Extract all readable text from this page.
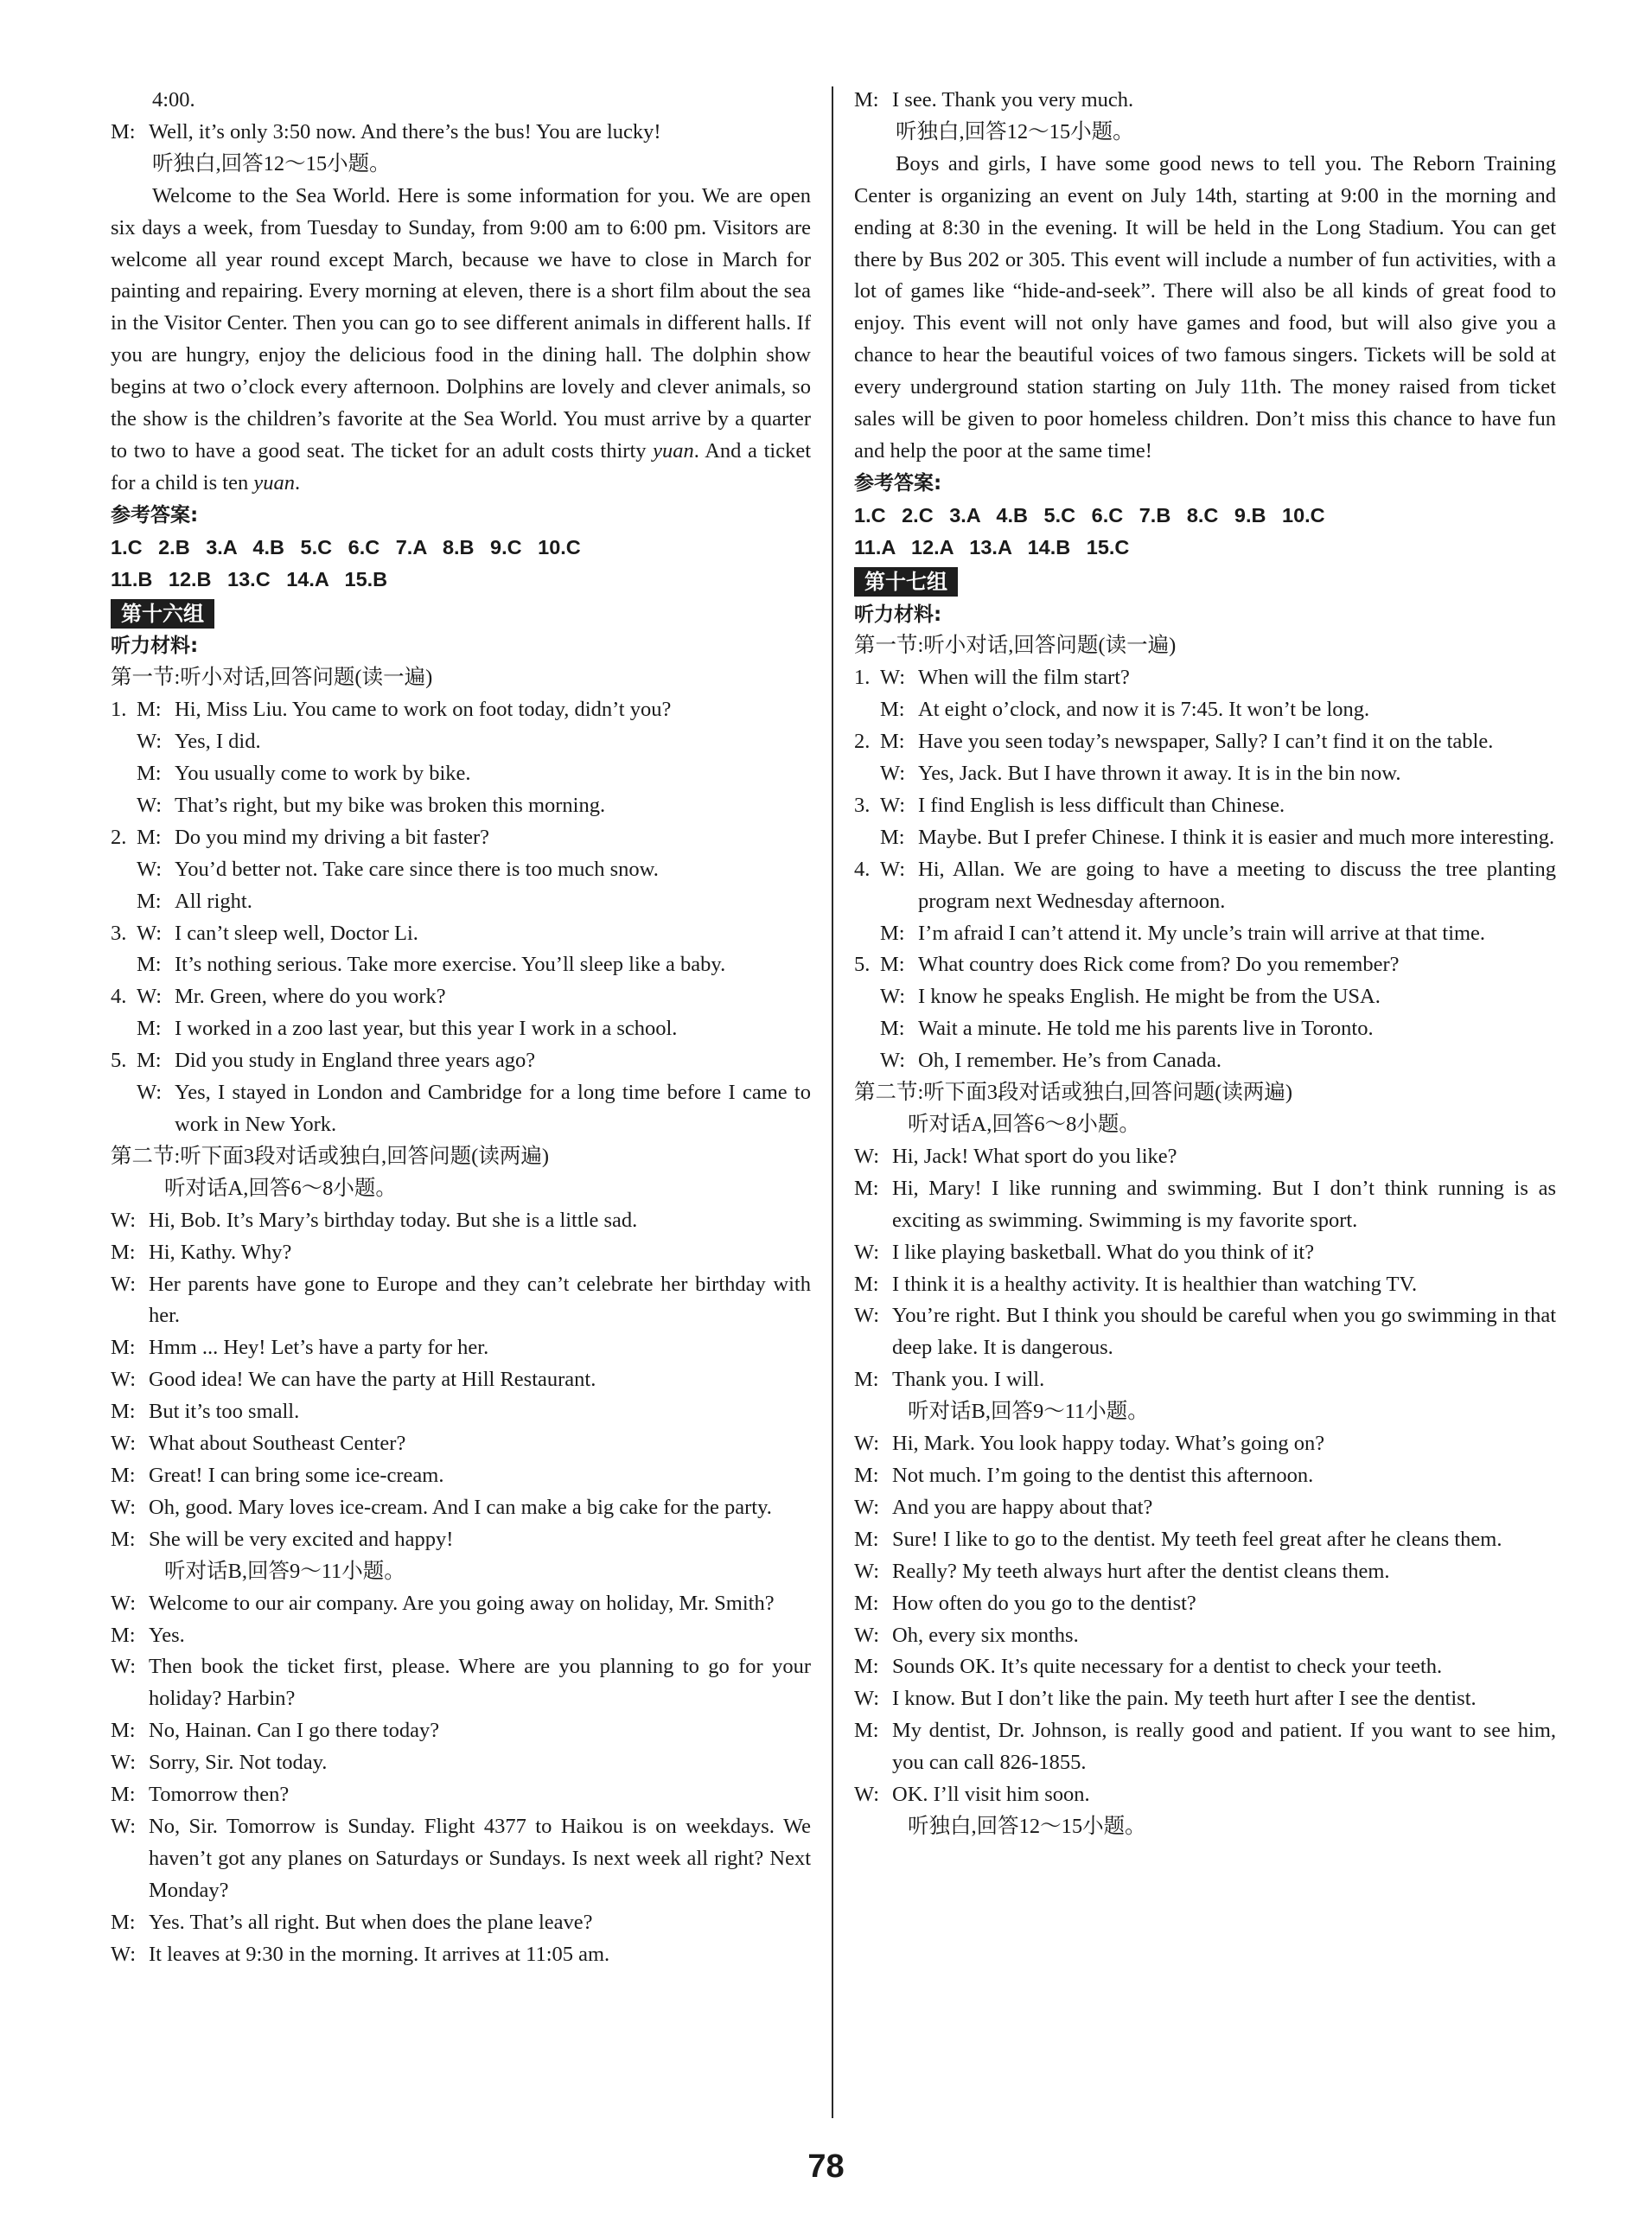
4:00.

M: Well, it’s only 3:50 now. And there’s the bus! You are lucky!

听独白,回答12～15小题。

Welcome to the Sea World. Here is some information for you. We are open six days a week, from Tuesday to Sunday, from 9:00 am to 6:00 pm. Visitors are welcome all year round except March, because we have to close in March for painting and repairing. Every morning at eleven, there is a short film about the sea in the Visitor Center. Then you can go to see different animals in different halls. If you are hungry, enjoy the delicious food in the dining hall. The dolphin show begins at two o’clock every afternoon. Dolphins are lovely and clever animals, so the show is the children’s favorite at the Sea World. You must arrive by a quarter to two to have a good seat. The ticket for an adult costs thirty yuan. And a ticket for a child is ten yuan.

参考答案:

1.C 2.B 3.A 4.B 5.C 6.C 7.A 8.B 9.C 10.C

11.B 12.B 13.C 14.A 15.B

第十六组

听力材料:

第一节:听小对话,回答问题(读一遍)

1. M: Hi, Miss Liu. You came to work on foot today, didn’t you?
W: Yes, I did.
M: You usually come to work by bike.
W: That’s right, but my bike was broken this morning.
2. M: Do you mind my driving a bit faster?
W: You’d better not. Take care since there is too much snow.
M: All right.
3. W: I can’t sleep well, Doctor Li.
M: It’s nothing serious. Take more exercise. You’ll sleep like a baby.
4. W: Mr. Green, where do you work?
M: I worked in a zoo last year, but this year I work in a school.
5. M: Did you study in England three years ago?
W: Yes, I stayed in London and Cambridge for a long time before I came to work in New York.

第二节:听下面3段对话或独白,回答问题(读两遍)

听对话A,回答6～8小题。

W: Hi, Bob. It’s Mary’s birthday today. But she is a little sad.
M: Hi, Kathy. Why?
W: Her parents have gone to Europe and they can’t celebrate her birthday with her.
M: Hmm ... Hey! Let’s have a party for her.
W: Good idea! We can have the party at Hill Restaurant.
M: But it’s too small.
W: What about Southeast Center?
M: Great! I can bring some ice-cream.
W: Oh, good. Mary loves ice-cream. And I can make a big cake for the party.
M: She will be very excited and happy!

听对话B,回答9～11小题。

W: Welcome to our air company. Are you going away on holiday, Mr. Smith?
M: Yes.
W: Then book the ticket first, please. Where are you planning to go for your holiday? Harbin?
M: No, Hainan. Can I go there today?
W: Sorry, Sir. Not today.
M: Tomorrow then?
W: No, Sir. Tomorrow is Sunday. Flight 4377 to Haikou is on weekdays. We haven’t got any planes on Saturdays or Sundays. Is next week all right? Next Monday?
M: Yes. That’s all right. But when does the plane leave?
W: It leaves at 9:30 in the morning. It arrives at 11:05 am.
M: I see. Thank you very much.

听独白,回答12～15小题。

Boys and girls, I have some good news to tell you. The Reborn Training Center is organizing an event on July 14th, starting at 9:00 in the morning and ending at 8:30 in the evening. It will be held in the Long Stadium. You can get there by Bus 202 or 305. This event will include a number of fun activities, with a lot of games like “hide-and-seek”. There will also be all kinds of great food to enjoy. This event will not only have games and food, but will also give you a chance to hear the beautiful voices of two famous singers. Tickets will be sold at every underground station starting on July 11th. The money raised from ticket sales will be given to poor homeless children. Don’t miss this chance to have fun and help the poor at the same time!

参考答案:

1.C 2.C 3.A 4.B 5.C 6.C 7.B 8.C 9.B 10.C

11.A 12.A 13.A 14.B 15.C

第十七组

听力材料:

第一节:听小对话,回答问题(读一遍)

1. W: When will the film start?
M: At eight o’clock, and now it is 7:45. It won’t be long.
2. M: Have you seen today’s newspaper, Sally? I can’t find it on the table.
W: Yes, Jack. But I have thrown it away. It is in the bin now.
3. W: I find English is less difficult than Chinese.
M: Maybe. But I prefer Chinese. I think it is easier and much more interesting.
4. W: Hi, Allan. We are going to have a meeting to discuss the tree planting program next Wednesday afternoon.
M: I’m afraid I can’t attend it. My uncle’s train will arrive at that time.
5. M: What country does Rick come from? Do you remember?
W: I know he speaks English. He might be from the USA.
M: Wait a minute. He told me his parents live in Toronto.
W: Oh, I remember. He’s from Canada.

第二节:听下面3段对话或独白,回答问题(读两遍)

听对话A,回答6～8小题。

W: Hi, Jack! What sport do you like?
M: Hi, Mary! I like running and swimming. But I don’t think running is as exciting as swimming. Swimming is my favorite sport.
W: I like playing basketball. What do you think of it?
M: I think it is a healthy activity. It is healthier than watching TV.
W: You’re right. But I think you should be careful when you go swimming in that deep lake. It is dangerous.
M: Thank you. I will.

听对话B,回答9～11小题。

W: Hi, Mark. You look happy today. What’s going on?
M: Not much. I’m going to the dentist this afternoon.
W: And you are happy about that?
M: Sure! I like to go to the dentist. My teeth feel great after he cleans them.
W: Really? My teeth always hurt after the dentist cleans them.
M: How often do you go to the dentist?
W: Oh, every six months.
M: Sounds OK. It’s quite necessary for a dentist to check your teeth.
W: I know. But I don’t like the pain. My teeth hurt after I see the dentist.
M: My dentist, Dr. Johnson, is really good and patient. If you want to see him, you can call 826-1855.
W: OK. I’ll visit him soon.

听独白,回答12～15小题。

78
